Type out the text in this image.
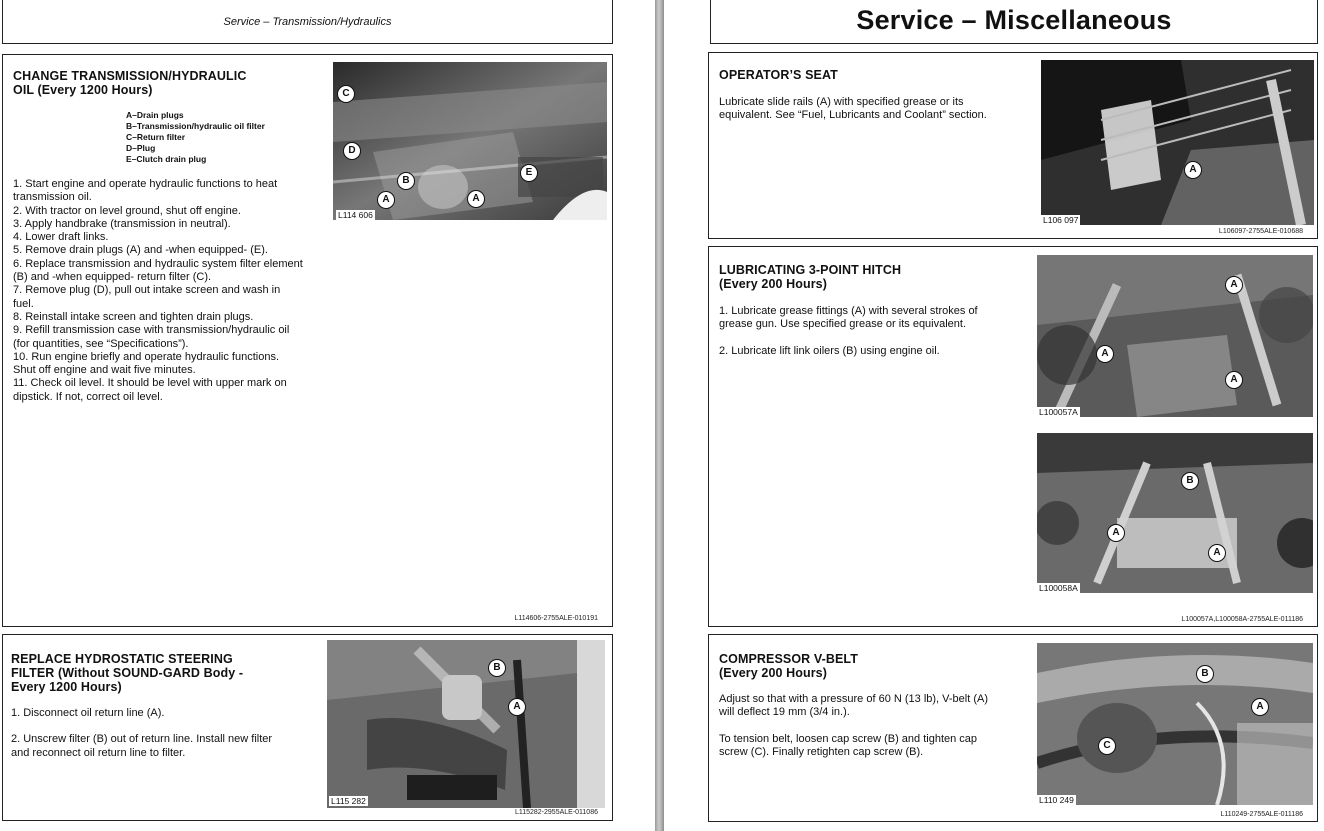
Service – Transmission/Hydraulics
CHANGE TRANSMISSION/HYDRAULIC
OIL (Every 1200 Hours)
A–Drain plugs
B–Transmission/hydraulic oil filter
C–Return filter
D–Plug
E–Clutch drain plug

1. Start engine and operate hydraulic functions to heat transmission oil.

2. With tractor on level ground, shut off engine.

3. Apply handbrake (transmission in neutral).

4. Lower draft links.

5. Remove drain plugs (A) and -when equipped- (E).

6. Replace transmission and hydraulic system filter element (B) and -when equipped- return filter (C).

7. Remove plug (D), pull out intake screen and wash in fuel.

8. Reinstall intake screen and tighten drain plugs.

9. Refill transmission case with transmission/hydraulic oil (for quantities, see “Specifications”).

10. Run engine briefly and operate hydraulic functions. Shut off engine and wait five minutes.

11. Check oil level. It should be level with upper mark on dipstick. If not, correct oil level.

C
D
B
A	A
E
L114 606
L114606-2755ALE-010191
REPLACE HYDROSTATIC STEERING
FILTER (Without SOUND-GARD Body -
Every 1200 Hours)

1. Disconnect oil return line (A).

2. Unscrew filter (B) out of return line. Install new filter and reconnect oil return line to filter.

B
A
L115 282
L115282-2955ALE-011086
Service – Miscellaneous
OPERATOR’S SEAT
Lubricate slide rails (A) with specified grease or its equivalent. See “Fuel, Lubricants and Coolant” section.
A
L106 097
L106097-2755ALE-010688
LUBRICATING 3-POINT HITCH
(Every 200 Hours)

1. Lubricate grease fittings (A) with several strokes of grease gun. Use specified grease or its equivalent.

2. Lubricate lift link oilers (B) using engine oil.

A
A
A
L100057A
B
A
A
L100058A
L100057A,L100058A-2755ALE-011186
COMPRESSOR V-BELT
(Every 200 Hours)

Adjust so that with a pressure of 60 N (13 lb), V-belt (A) will deflect 19 mm (3/4 in.).

To tension belt, loosen cap screw (B) and tighten cap screw (C). Finally retighten cap screw (B).

B
A
C
L110 249
L110249-2755ALE-011186
